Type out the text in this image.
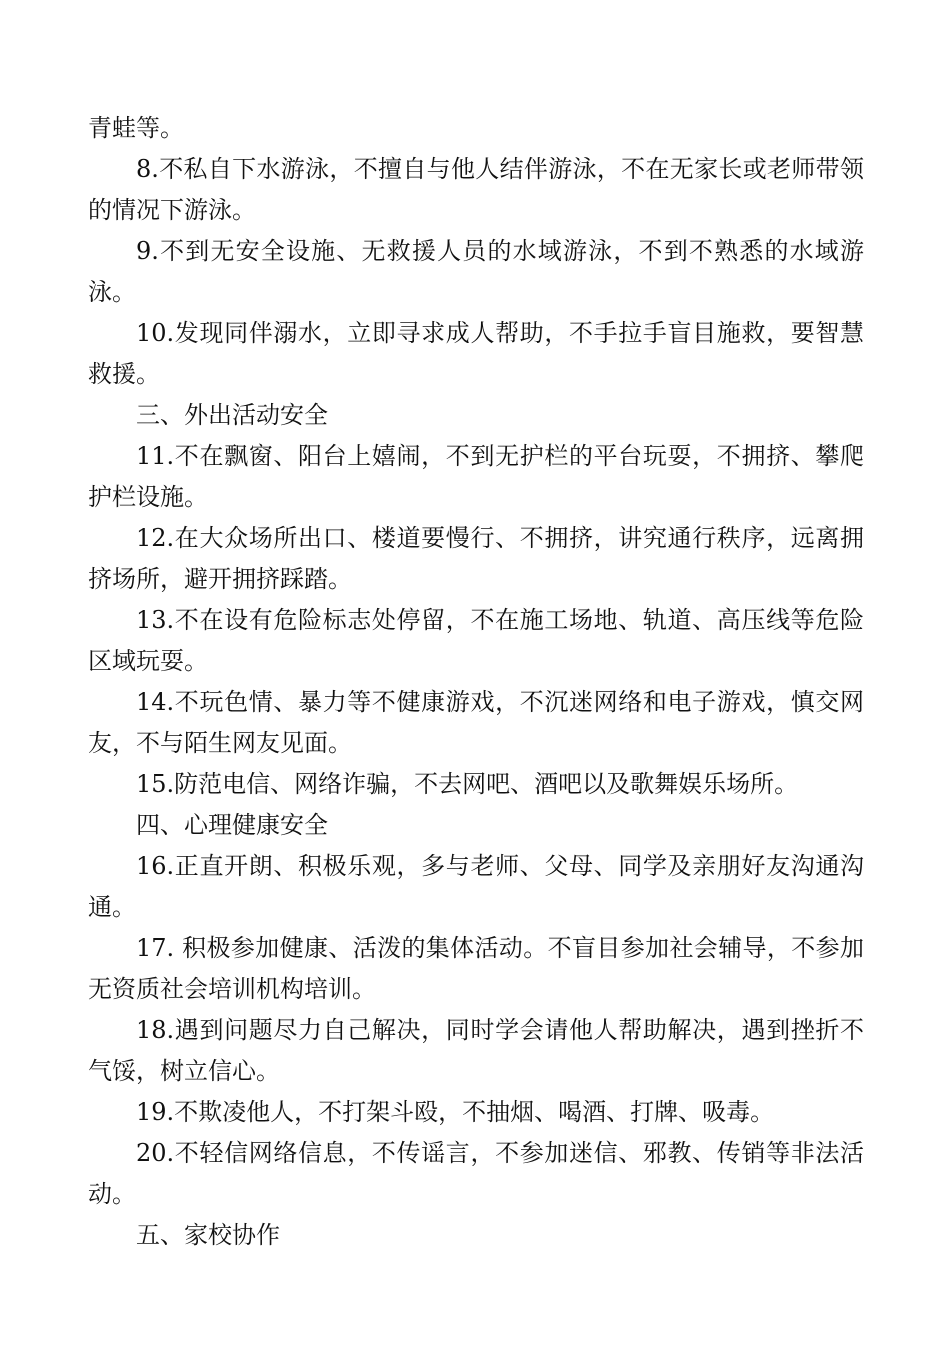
青蛙等。

8.不私自下水游泳，不擅自与他人结伴游泳，不在无家长或老师带领的情况下游泳。

9.不到无安全设施、无救援人员的水域游泳，不到不熟悉的水域游泳。

10.发现同伴溺水，立即寻求成人帮助，不手拉手盲目施救，要智慧救援。

三、外出活动安全

11.不在飘窗、阳台上嬉闹，不到无护栏的平台玩耍，不拥挤、攀爬护栏设施。

12.在大众场所出口、楼道要慢行、不拥挤，讲究通行秩序，远离拥挤场所，避开拥挤踩踏。

13.不在设有危险标志处停留，不在施工场地、轨道、高压线等危险区域玩耍。

14.不玩色情、暴力等不健康游戏，不沉迷网络和电子游戏，慎交网友，不与陌生网友见面。

15.防范电信、网络诈骗，不去网吧、酒吧以及歌舞娱乐场所。

四、心理健康安全

16.正直开朗、积极乐观，多与老师、父母、同学及亲朋好友沟通沟通。

17. 积极参加健康、活泼的集体活动。不盲目参加社会辅导，不参加无资质社会培训机构培训。

18.遇到问题尽力自己解决，同时学会请他人帮助解决，遇到挫折不气馁，树立信心。

19.不欺凌他人，不打架斗殴，不抽烟、喝酒、打牌、吸毒。

20.不轻信网络信息，不传谣言，不参加迷信、邪教、传销等非法活动。

五、家校协作
